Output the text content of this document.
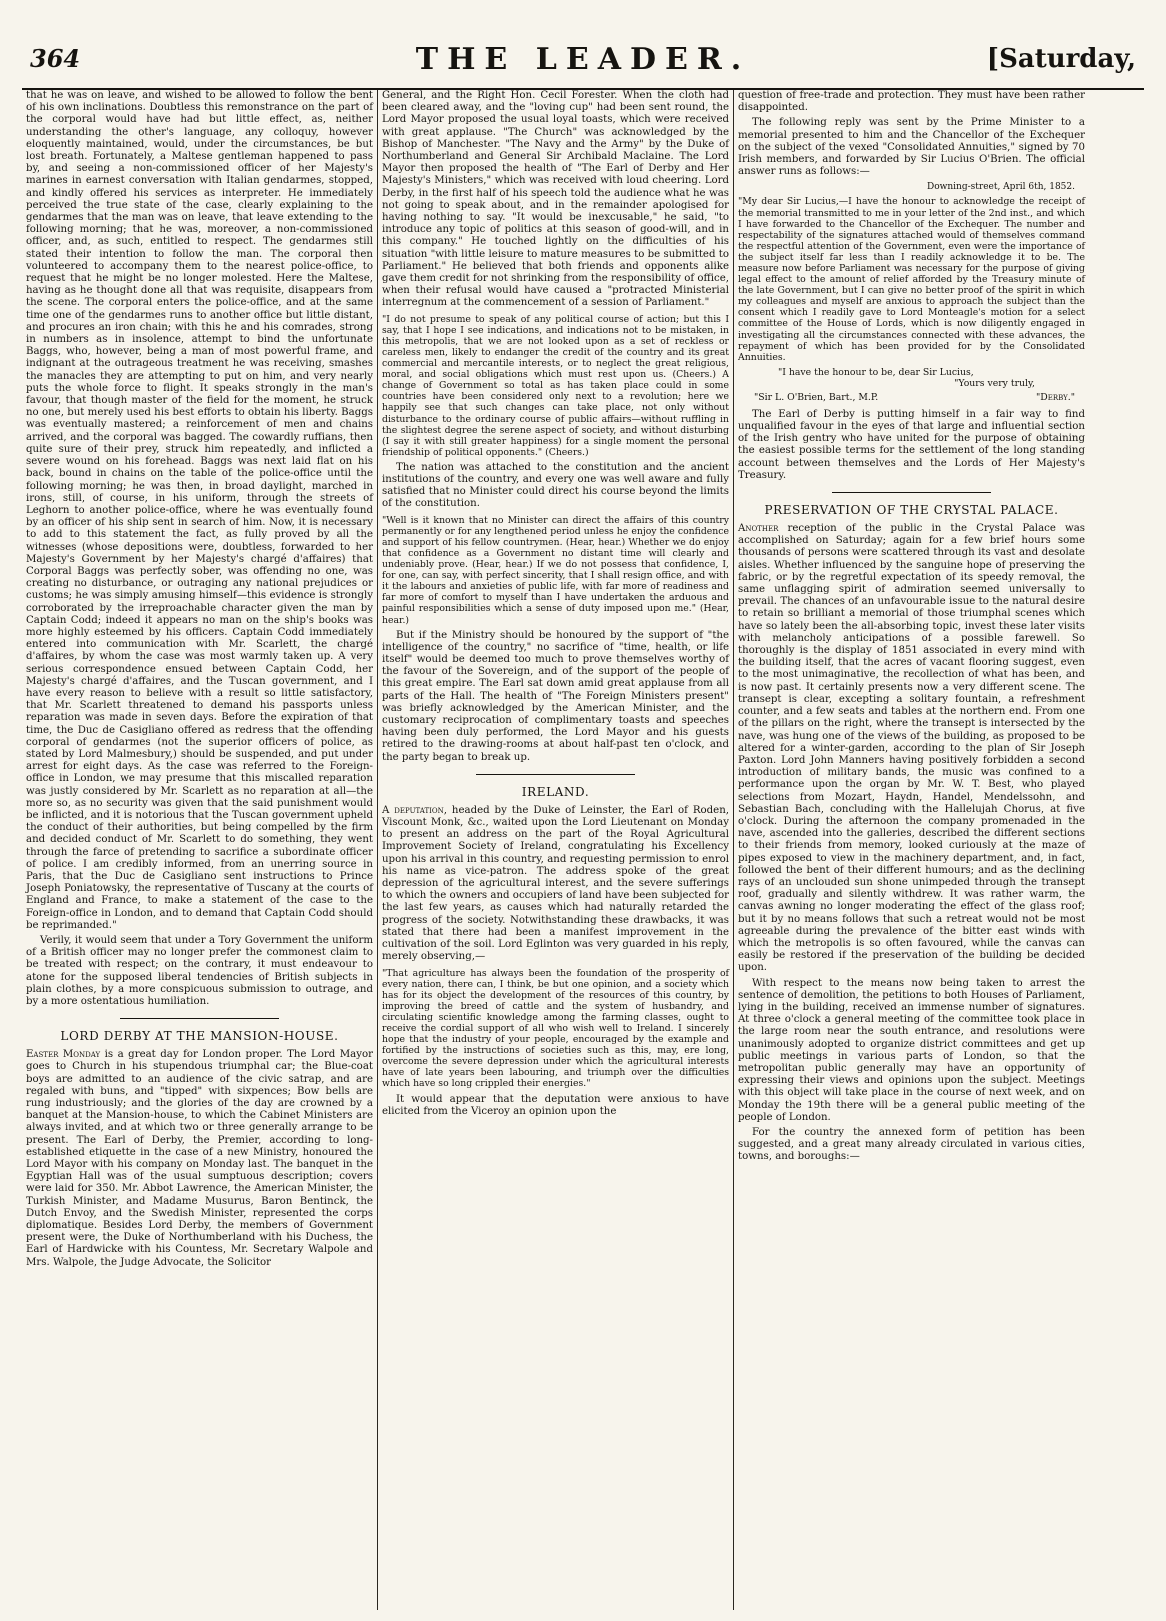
364	THE LEADER.	[Saturday,

that he was on leave, and wished to be allowed to follow the bent of his own inclinations. Doubtless this remonstrance on the part of the corporal would have had but little effect, as, neither understanding the other's language, any colloquy, however eloquently maintained, would, under the circumstances, be but lost breath. Fortunately, a Maltese gentleman happened to pass by, and seeing a non-commissioned officer of her Majesty's marines in earnest conversation with Italian gendarmes, stopped, and kindly offered his services as interpreter. He immediately perceived the true state of the case, clearly explaining to the gendarmes that the man was on leave, that leave extending to the following morning; that he was, moreover, a non-commissioned officer, and, as such, entitled to respect. The gendarmes still stated their intention to follow the man. The corporal then volunteered to accompany them to the nearest police-office, to request that he might be no longer molested. Here the Maltese, having as he thought done all that was requisite, disappears from the scene. The corporal enters the police-office, and at the same time one of the gendarmes runs to another office but little distant, and procures an iron chain; with this he and his comrades, strong in numbers as in insolence, attempt to bind the unfortunate Baggs, who, however, being a man of most powerful frame, and indignant at the outrageous treatment he was receiving, smashes the manacles they are attempting to put on him, and very nearly puts the whole force to flight. It speaks strongly in the man's favour, that though master of the field for the moment, he struck no one, but merely used his best efforts to obtain his liberty. Baggs was eventually mastered; a reinforcement of men and chains arrived, and the corporal was bagged. The cowardly ruffians, then quite sure of their prey, struck him repeatedly, and inflicted a severe wound on his forehead. Baggs was next laid flat on his back, bound in chains on the table of the police-office until the following morning; he was then, in broad daylight, marched in irons, still, of course, in his uniform, through the streets of Leghorn to another police-office, where he was eventually found by an officer of his ship sent in search of him. Now, it is necessary to add to this statement the fact, as fully proved by all the witnesses (whose depositions were, doubtless, forwarded to her Majesty's Government by her Majesty's chargé d'affaires) that Corporal Baggs was perfectly sober, was offending no one, was creating no disturbance, or outraging any national prejudices or customs; he was simply amusing himself—this evidence is strongly corroborated by the irreproachable character given the man by Captain Codd; indeed it appears no man on the ship's books was more highly esteemed by his officers. Captain Codd immediately entered into communication with Mr. Scarlett, the chargé d'affaires, by whom the case was most warmly taken up. A very serious correspondence ensued between Captain Codd, her Majesty's chargé d'affaires, and the Tuscan government, and I have every reason to believe with a result so little satisfactory, that Mr. Scarlett threatened to demand his passports unless reparation was made in seven days. Before the expiration of that time, the Duc de Casigliano offered as redress that the offending corporal of gendarmes (not the superior officers of police, as stated by Lord Malmesbury,) should be suspended, and put under arrest for eight days. As the case was referred to the Foreign-office in London, we may presume that this miscalled reparation was justly considered by Mr. Scarlett as no reparation at all—the more so, as no security was given that the said punishment would be inflicted, and it is notorious that the Tuscan government upheld the conduct of their authorities, but being compelled by the firm and decided conduct of Mr. Scarlett to do something, they went through the farce of pretending to sacrifice a subordinate officer of police. I am credibly informed, from an unerring source in Paris, that the Duc de Casigliano sent instructions to Prince Joseph Poniatowsky, the representative of Tuscany at the courts of England and France, to make a statement of the case to the Foreign-office in London, and to demand that Captain Codd should be reprimanded."

Verily, it would seem that under a Tory Government the uniform of a British officer may no longer prefer the commonest claim to be treated with respect; on the contrary, it must endeavour to atone for the supposed liberal tendencies of British subjects in plain clothes, by a more conspicuous submission to outrage, and by a more ostentatious humiliation.

LORD DERBY AT THE MANSION-HOUSE.

Easter Monday is a great day for London proper. The Lord Mayor goes to Church in his stupendous triumphal car; the Blue-coat boys are admitted to an audience of the civic satrap, and are regaled with buns, and "tipped" with sixpences; Bow bells are rung industriously; and the glories of the day are crowned by a banquet at the Mansion-house, to which the Cabinet Ministers are always invited, and at which two or three generally arrange to be present. The Earl of Derby, the Premier, according to long-established etiquette in the case of a new Ministry, honoured the Lord Mayor with his company on Monday last. The banquet in the Egyptian Hall was of the usual sumptuous description; covers were laid for 350. Mr. Abbot Lawrence, the American Minister, the Turkish Minister, and Madame Musurus, Baron Bentinck, the Dutch Envoy, and the Swedish Minister, represented the corps diplomatique. Besides Lord Derby, the members of Government present were, the Duke of Northumberland with his Duchess, the Earl of Hardwicke with his Countess, Mr. Secretary Walpole and Mrs. Walpole, the Judge Advocate, the Solicitor

General, and the Right Hon. Cecil Forester. When the cloth had been cleared away, and the "loving cup" had been sent round, the Lord Mayor proposed the usual loyal toasts, which were received with great applause. "The Church" was acknowledged by the Bishop of Manchester. "The Navy and the Army" by the Duke of Northumberland and General Sir Archibald Maclaine. The Lord Mayor then proposed the health of "The Earl of Derby and Her Majesty's Ministers," which was received with loud cheering. Lord Derby, in the first half of his speech told the audience what he was not going to speak about, and in the remainder apologised for having nothing to say. "It would be inexcusable," he said, "to introduce any topic of politics at this season of good-will, and in this company." He touched lightly on the difficulties of his situation "with little leisure to mature measures to be submitted to Parliament." He believed that both friends and opponents alike gave them credit for not shrinking from the responsibility of office, when their refusal would have caused a "protracted Ministerial interregnum at the commencement of a session of Parliament."

"I do not presume to speak of any political course of action; but this I say, that I hope I see indications, and indications not to be mistaken, in this metropolis, that we are not looked upon as a set of reckless or careless men, likely to endanger the credit of the country and its great commercial and mercantile interests, or to neglect the great religious, moral, and social obligations which must rest upon us. (Cheers.) A change of Government so total as has taken place could in some countries have been considered only next to a revolution; here we happily see that such changes can take place, not only without disturbance to the ordinary course of public affairs—without ruffling in the slightest degree the serene aspect of society, and without disturbing (I say it with still greater happiness) for a single moment the personal friendship of political opponents." (Cheers.)

The nation was attached to the constitution and the ancient institutions of the country, and every one was well aware and fully satisfied that no Minister could direct his course beyond the limits of the constitution.

"Well is it known that no Minister can direct the affairs of this country permanently or for any lengthened period unless he enjoy the confidence and support of his fellow countrymen. (Hear, hear.) Whether we do enjoy that confidence as a Government no distant time will clearly and undeniably prove. (Hear, hear.) If we do not possess that confidence, I, for one, can say, with perfect sincerity, that I shall resign office, and with it the labours and anxieties of public life, with far more of readiness and far more of comfort to myself than I have undertaken the arduous and painful responsibilities which a sense of duty imposed upon me." (Hear, hear.)

But if the Ministry should be honoured by the support of "the intelligence of the country," no sacrifice of "time, health, or life itself" would be deemed too much to prove themselves worthy of the favour of the Sovereign, and of the support of the people of this great empire. The Earl sat down amid great applause from all parts of the Hall. The health of "The Foreign Ministers present" was briefly acknowledged by the American Minister, and the customary reciprocation of complimentary toasts and speeches having been duly performed, the Lord Mayor and his guests retired to the drawing-rooms at about half-past ten o'clock, and the party began to break up.

IRELAND.

A deputation, headed by the Duke of Leinster, the Earl of Roden, Viscount Monk, &c., waited upon the Lord Lieutenant on Monday to present an address on the part of the Royal Agricultural Improvement Society of Ireland, congratulating his Excellency upon his arrival in this country, and requesting permission to enrol his name as vice-patron. The address spoke of the great depression of the agricultural interest, and the severe sufferings to which the owners and occupiers of land have been subjected for the last few years, as causes which had naturally retarded the progress of the society. Notwithstanding these drawbacks, it was stated that there had been a manifest improvement in the cultivation of the soil. Lord Eglinton was very guarded in his reply, merely observing,—

"That agriculture has always been the foundation of the prosperity of every nation, there can, I think, be but one opinion, and a society which has for its object the development of the resources of this country, by improving the breed of cattle and the system of husbandry, and circulating scientific knowledge among the farming classes, ought to receive the cordial support of all who wish well to Ireland. I sincerely hope that the industry of your people, encouraged by the example and fortified by the instructions of societies such as this, may, ere long, overcome the severe depression under which the agricultural interests have of late years been labouring, and triumph over the difficulties which have so long crippled their energies."

It would appear that the deputation were anxious to have elicited from the Viceroy an opinion upon the

question of free-trade and protection. They must have been rather disappointed.

The following reply was sent by the Prime Minister to a memorial presented to him and the Chancellor of the Exchequer on the subject of the vexed "Consolidated Annuities," signed by 70 Irish members, and forwarded by Sir Lucius O'Brien. The official answer runs as follows:—

Downing-street, April 6th, 1852.

"My dear Sir Lucius,—I have the honour to acknowledge the receipt of the memorial transmitted to me in your letter of the 2nd inst., and which I have forwarded to the Chancellor of the Exchequer. The number and respectability of the signatures attached would of themselves command the respectful attention of the Government, even were the importance of the subject itself far less than I readily acknowledge it to be. The measure now before Parliament was necessary for the purpose of giving legal effect to the amount of relief afforded by the Treasury minute of the late Government, but I can give no better proof of the spirit in which my colleagues and myself are anxious to approach the subject than the consent which I readily gave to Lord Monteagle's motion for a select committee of the House of Lords, which is now diligently engaged in investigating all the circumstances connected with these advances, the repayment of which has been provided for by the Consolidated Annuities.

"I have the honour to be, dear Sir Lucius,
"Yours very truly,
"Sir L. O'Brien, Bart., M.P.	"Derby."

The Earl of Derby is putting himself in a fair way to find unqualified favour in the eyes of that large and influential section of the Irish gentry who have united for the purpose of obtaining the easiest possible terms for the settlement of the long standing account between themselves and the Lords of Her Majesty's Treasury.

PRESERVATION OF THE CRYSTAL PALACE.

Another reception of the public in the Crystal Palace was accomplished on Saturday; again for a few brief hours some thousands of persons were scattered through its vast and desolate aisles. Whether influenced by the sanguine hope of preserving the fabric, or by the regretful expectation of its speedy removal, the same unflagging spirit of admiration seemed universally to prevail. The chances of an unfavourable issue to the natural desire to retain so brilliant a memorial of those triumphal scenes which have so lately been the all-absorbing topic, invest these later visits with melancholy anticipations of a possible farewell. So thoroughly is the display of 1851 associated in every mind with the building itself, that the acres of vacant flooring suggest, even to the most unimaginative, the recollection of what has been, and is now past. It certainly presents now a very different scene. The transept is clear, excepting a solitary fountain, a refreshment counter, and a few seats and tables at the northern end. From one of the pillars on the right, where the transept is intersected by the nave, was hung one of the views of the building, as proposed to be altered for a winter-garden, according to the plan of Sir Joseph Paxton. Lord John Manners having positively forbidden a second introduction of military bands, the music was confined to a performance upon the organ by Mr. W. T. Best, who played selections from Mozart, Haydn, Handel, Mendelssohn, and Sebastian Bach, concluding with the Hallelujah Chorus, at five o'clock. During the afternoon the company promenaded in the nave, ascended into the galleries, described the different sections to their friends from memory, looked curiously at the maze of pipes exposed to view in the machinery department, and, in fact, followed the bent of their different humours; and as the declining rays of an unclouded sun shone unimpeded through the transept roof, gradually and silently withdrew. It was rather warm, the canvas awning no longer moderating the effect of the glass roof; but it by no means follows that such a retreat would not be most agreeable during the prevalence of the bitter east winds with which the metropolis is so often favoured, while the canvas can easily be restored if the preservation of the building be decided upon.

With respect to the means now being taken to arrest the sentence of demolition, the petitions to both Houses of Parliament, lying in the building, received an immense number of signatures. At three o'clock a general meeting of the committee took place in the large room near the south entrance, and resolutions were unanimously adopted to organize district committees and get up public meetings in various parts of London, so that the metropolitan public generally may have an opportunity of expressing their views and opinions upon the subject. Meetings with this object will take place in the course of next week, and on Monday the 19th there will be a general public meeting of the people of London.

For the country the annexed form of petition has been suggested, and a great many already circulated in various cities, towns, and boroughs:—
